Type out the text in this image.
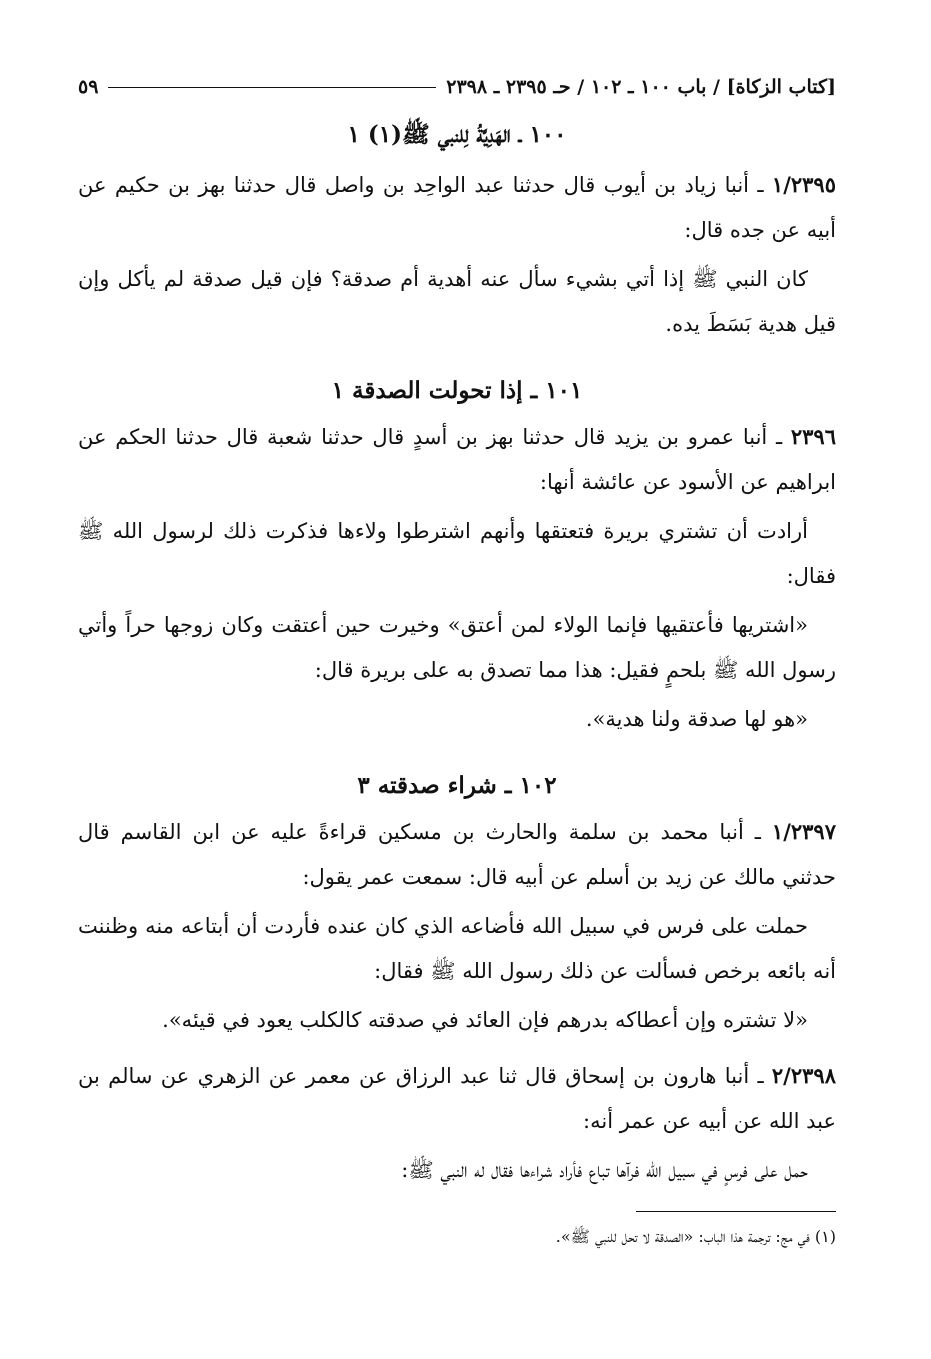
[كتاب الزكاة] / باب ١٠٠ ـ ١٠٢ / حـ ٢٣٩٥ ـ ٢٣٩٨
٥٩
١٠٠ ـ الهَدِيَّةُ لِلنبي ﷺ(١) ١
١/٢٣٩٥ ـ أنبا زياد بن أيوب قال حدثنا عبد الواحِد بن واصل قال حدثنا بهز بن حكيم عن أبيه عن جده قال:
كان النبي ﷺ إذا أتي بشيء سأل عنه أهدية أم صدقة؟ فإن قيل صدقة لم يأكل وإن قيل هدية بَسَطَ يده.
١٠١ ـ إذا تحولت الصدقة ١
٢٣٩٦ ـ أنبا عمرو بن يزيد قال حدثنا بهز بن أسدٍ قال حدثنا شعبة قال حدثنا الحكم عن ابراهيم عن الأسود عن عائشة أنها:
أرادت أن تشتري بريرة فتعتقها وأنهم اشترطوا ولاءها فذكرت ذلك لرسول الله ﷺ فقال:
«اشتريها فأعتقيها فإنما الولاء لمن أعتق» وخيرت حين أعتقت وكان زوجها حراً وأتي رسول الله ﷺ بلحمٍ فقيل: هذا مما تصدق به على بريرة قال:
«هو لها صدقة ولنا هدية».
١٠٢ ـ شراء صدقته ٣
١/٢٣٩٧ ـ أنبا محمد بن سلمة والحارث بن مسكين قراءةً عليه عن ابن القاسم قال حدثني مالك عن زيد بن أسلم عن أبيه قال: سمعت عمر يقول:
حملت على فرس في سبيل الله فأضاعه الذي كان عنده فأردت أن أبتاعه منه وظننت أنه بائعه برخص فسألت عن ذلك رسول الله ﷺ فقال:
«لا تشتره وإن أعطاكه بدرهم فإن العائد في صدقته كالكلب يعود في قيئه».
٢/٢٣٩٨ ـ أنبا هارون بن إسحاق قال ثنا عبد الرزاق عن معمر عن الزهري عن سالم بن عبد الله عن أبيه عن عمر أنه:
حمل على فرسٍ في سبيل الله فرآها تباع فأراد شراءها فقال له النبي ﷺ:
(١) في مج: ترجمة هذا الباب: «الصدقة لا تحل للنبي ﷺ».
